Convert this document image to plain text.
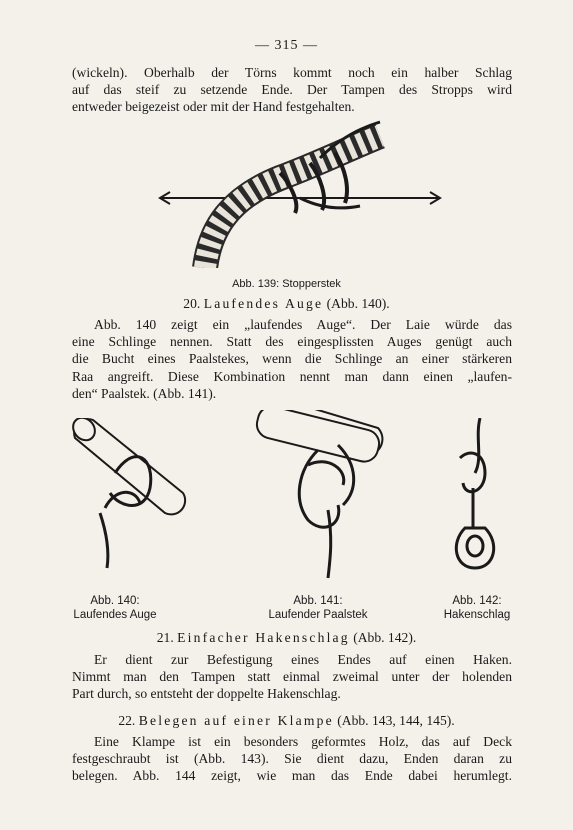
— 315 —
(wickeln). Oberhalb der Törns kommt noch ein halber Schlag
auf das steif zu setzende Ende. Der Tampen des Stropps wird
entweder beigezeist oder mit der Hand festgehalten.
Abb. 139: Stopperstek
20. Laufendes Auge (Abb. 140).
Abb. 140 zeigt ein „laufendes Auge“. Der Laie würde das
eine Schlinge nennen. Statt des eingesplissten Auges genügt auch
die Bucht eines Paalstekes, wenn die Schlinge an einer stärkeren
Raa angreift. Diese Kombination nennt man dann einen „laufen-
den“ Paalstek. (Abb. 141).
Abb. 140:
Laufendes Auge
Abb. 141:
Laufender Paalstek
Abb. 142:
Hakenschlag
21. Einfacher Hakenschlag (Abb. 142).
Er dient zur Befestigung eines Endes auf einen Haken.
Nimmt man den Tampen statt einmal zweimal unter der holenden
Part durch, so entsteht der doppelte Hakenschlag.
22. Belegen auf einer Klampe (Abb. 143, 144, 145).
Eine Klampe ist ein besonders geformtes Holz, das auf Deck
festgeschraubt ist (Abb. 143). Sie dient dazu, Enden daran zu
belegen. Abb. 144 zeigt, wie man das Ende dabei herumlegt.
